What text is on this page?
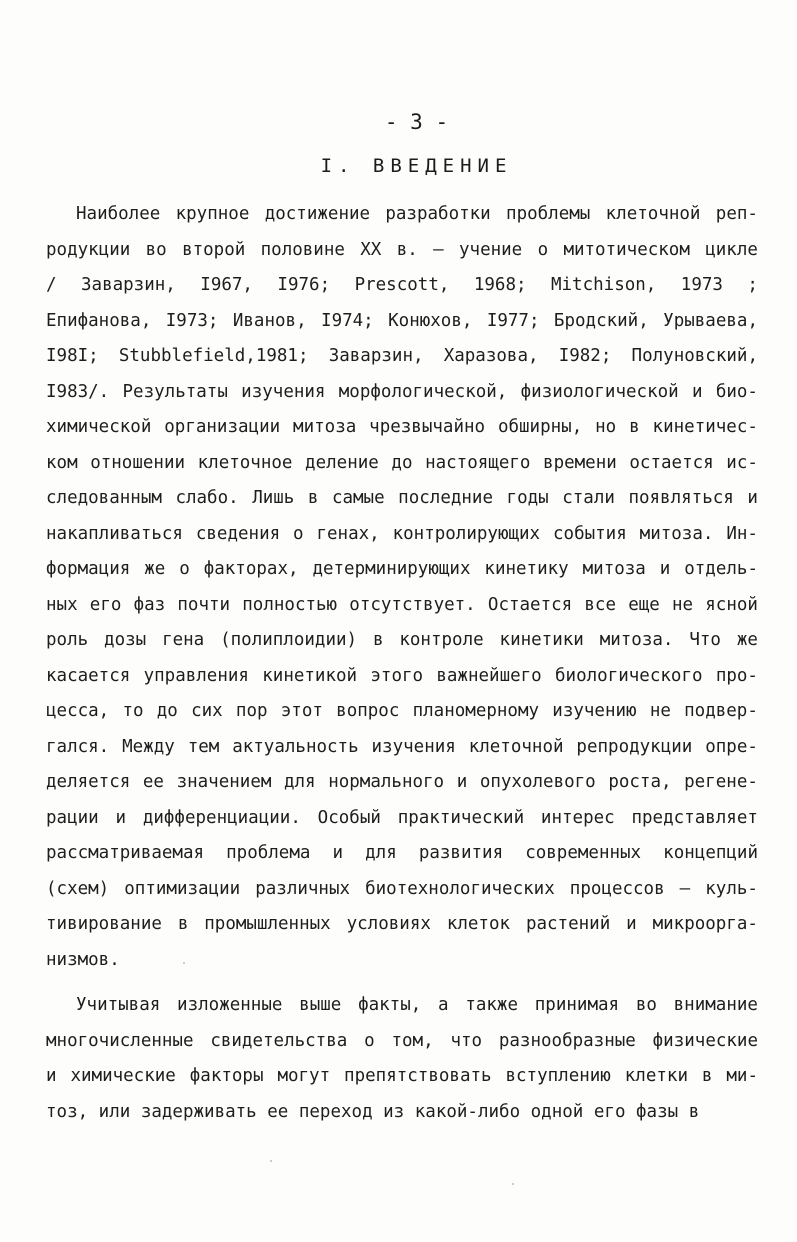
- 3 -
I. ВВЕДЕНИЕ
Наиболее крупное достижение разработки проблемы клеточной реп-
родукции во второй половине XX в. – учение о митотическом цикле
/ Заварзин, I967, I976; Prescott, 1968; Mitchison, 1973 ;
Епифанова, I973; Иванов, I974; Конюхов, I977; Бродский, Урываева,
I98I; Stubblefield,1981; Заварзин, Харазова, I982; Полуновский,
I983/. Результаты изучения морфологической, физиологической и био-
химической организации митоза чрезвычайно обширны, но в кинетичес-
ком отношении клеточное деление до настоящего времени остается ис-
следованным слабо. Лишь в самые последние годы стали появляться и
накапливаться сведения о генах, контролирующих события митоза. Ин-
формация же о факторах, детерминирующих кинетику митоза и отдель-
ных его фаз почти полностью отсутствует. Остается все еще не ясной
роль дозы гена (полиплоидии) в контроле кинетики митоза. Что же
касается управления кинетикой этого важнейшего биологического про-
цесса, то до сих пор этот вопрос планомерному изучению не подвер-
гался. Между тем актуальность изучения клеточной репродукции опре-
деляется ее значением для нормального и опухолевого роста, регене-
рации и дифференциации. Особый практический интерес представляет
рассматриваемая проблема и для развития современных концепций
(схем) оптимизации различных биотехнологических процессов – куль-
тивирование в промышленных условиях клеток растений и микроорга-
низмов.
Учитывая изложенные выше факты, а также принимая во внимание
многочисленные свидетельства о том, что разнообразные физические
и химические факторы могут препятствовать вступлению клетки в ми-
тоз, или задерживать ее переход из какой-либо одной его фазы в
